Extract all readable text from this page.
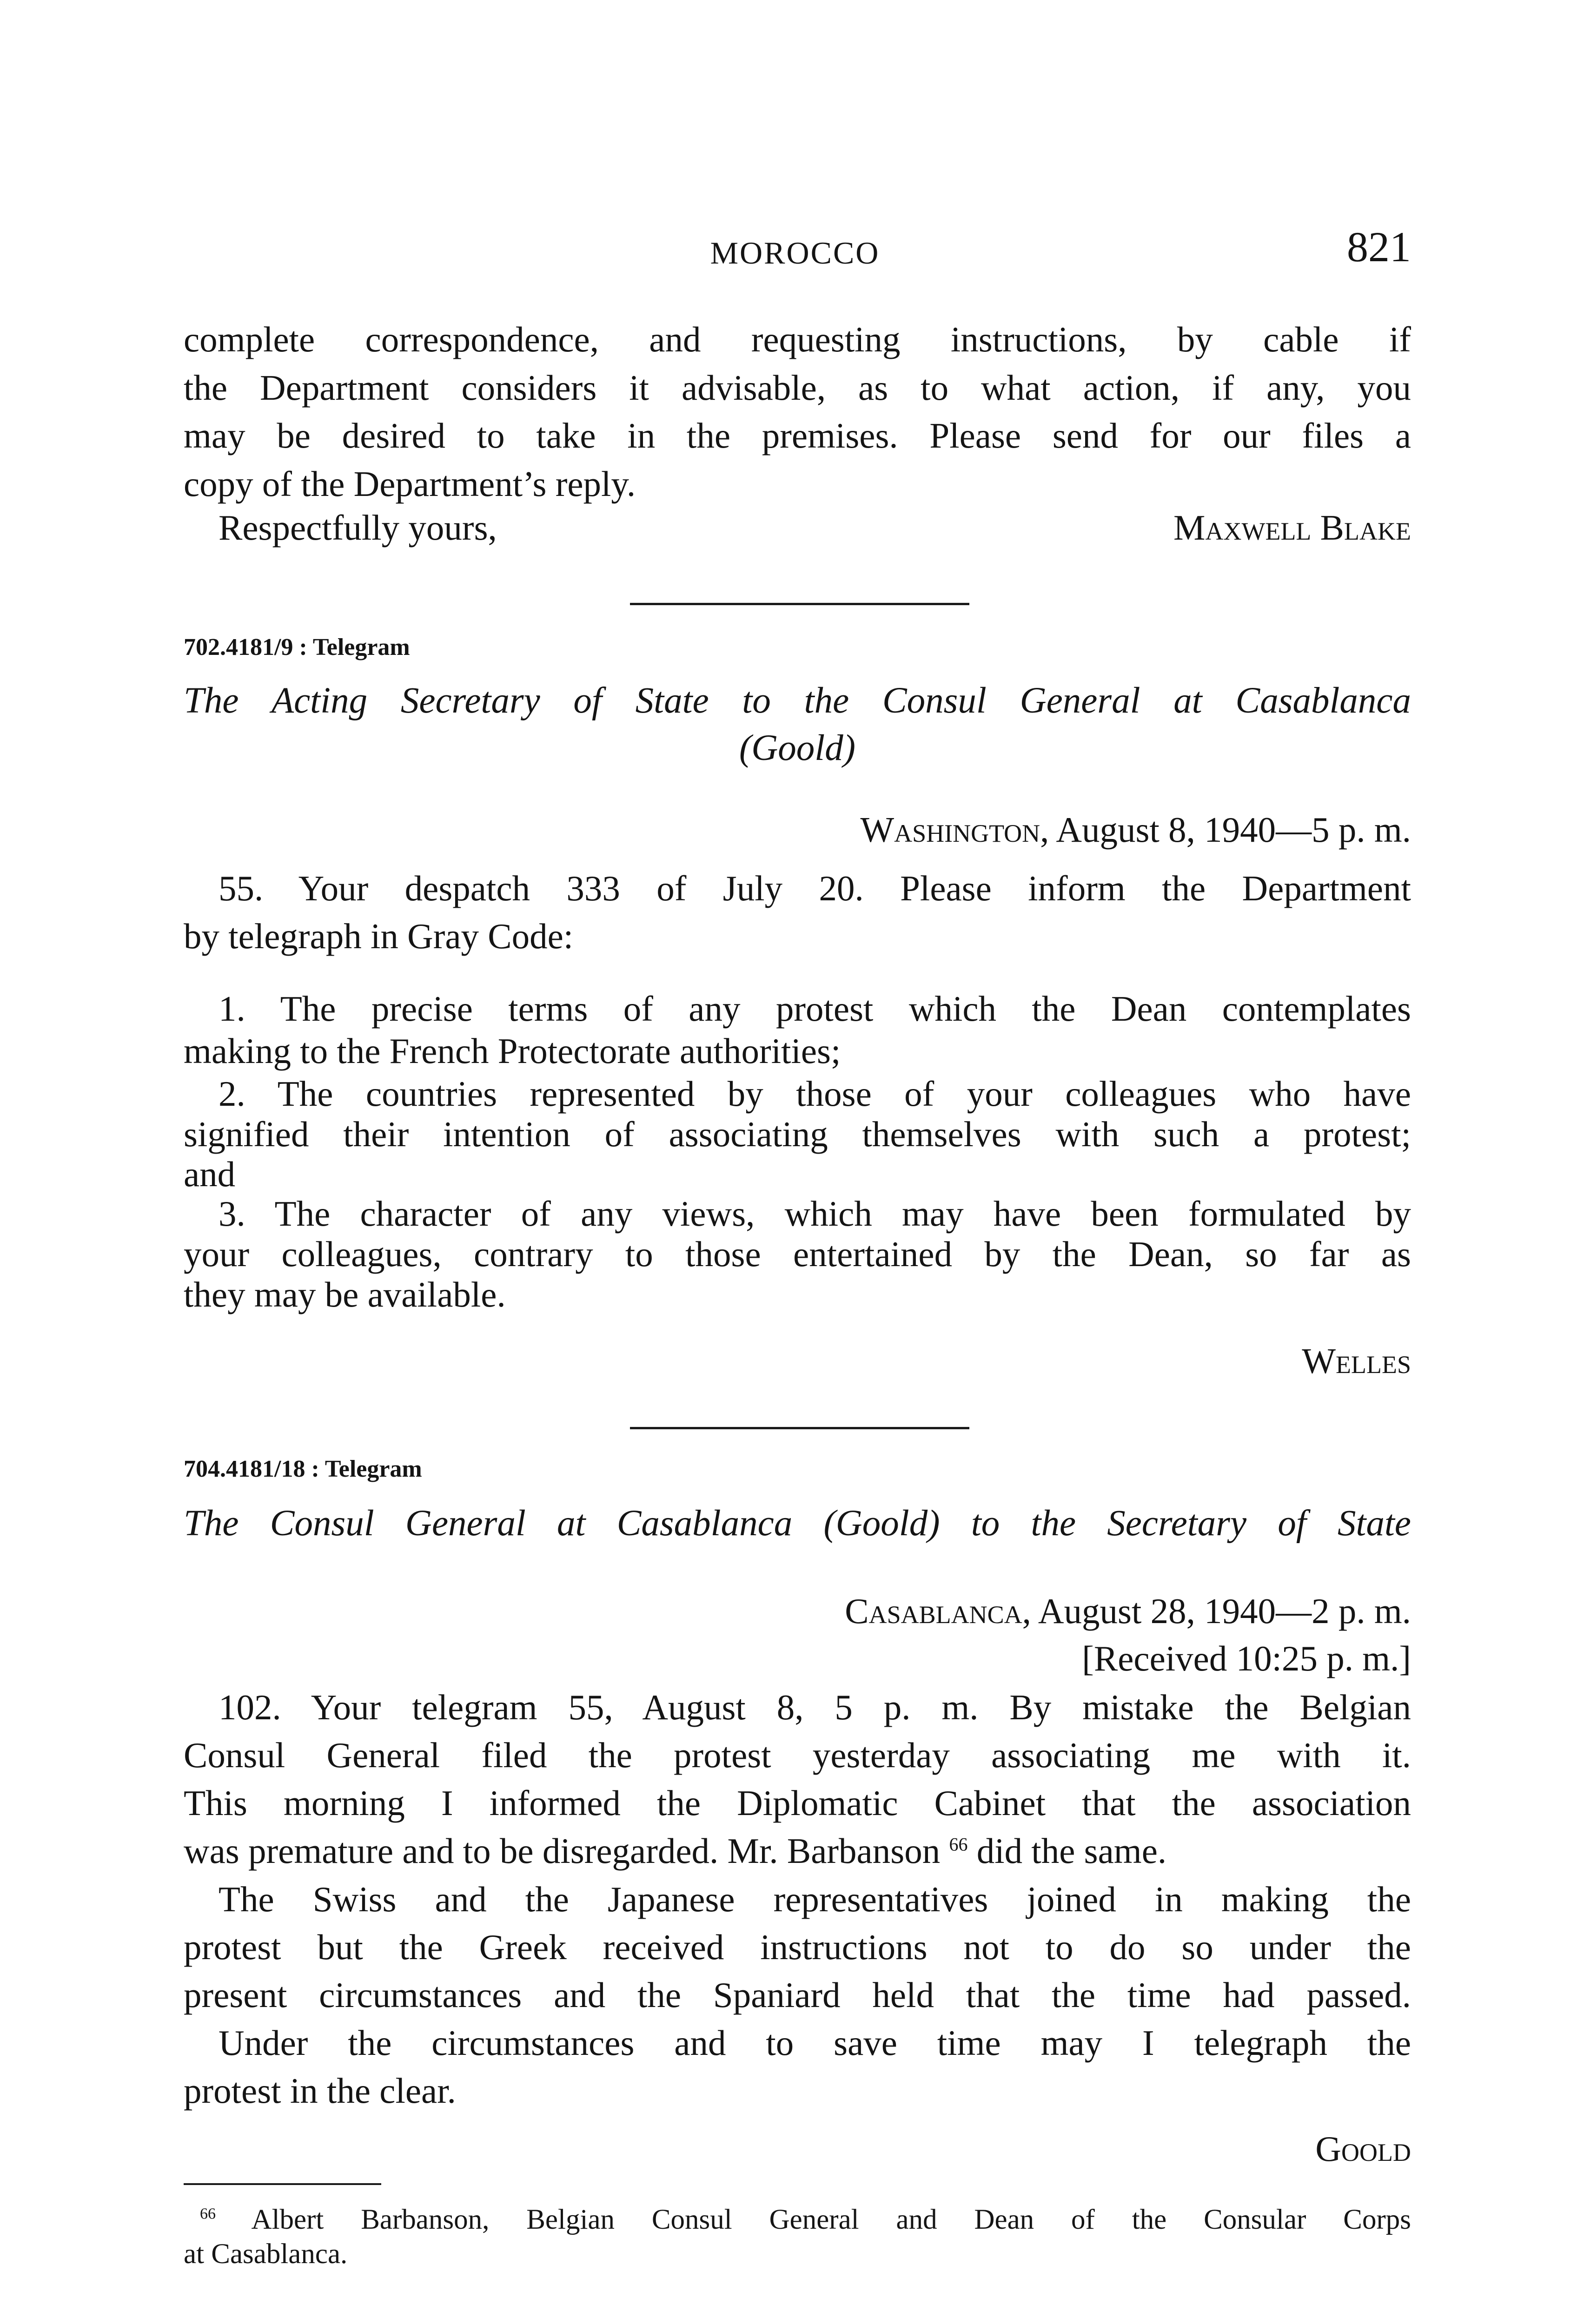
MOROCCO	821
complete correspondence, and requesting instructions, by cable if
the Department considers it advisable, as to what action, if any, you
may be desired to take in the premises. Please send for our files a
copy of the Department’s reply.
Respectfully yours,	Maxwell Blake
702.4181/9 : Telegram
The Acting Secretary of State to the Consul General at Casablanca
(Goold)
Washington, August 8, 1940—5 p. m.
55. Your despatch 333 of July 20. Please inform the Department
by telegraph in Gray Code:
1. The precise terms of any protest which the Dean contemplates
making to the French Protectorate authorities;
2. The countries represented by those of your colleagues who have
signified their intention of associating themselves with such a protest;
and
3. The character of any views, which may have been formulated by
your colleagues, contrary to those entertained by the Dean, so far as
they may be available.
Welles
704.4181/18 : Telegram
The Consul General at Casablanca (Goold) to the Secretary of State
Casablanca, August 28, 1940—2 p. m.
[Received 10:25 p. m.]
102. Your telegram 55, August 8, 5 p. m. By mistake the Belgian
Consul General filed the protest yesterday associating me with it.
This morning I informed the Diplomatic Cabinet that the association
was premature and to be disregarded. Mr. Barbanson $^{66}$ did the same.
The Swiss and the Japanese representatives joined in making the
protest but the Greek received instructions not to do so under the
present circumstances and the Spaniard held that the time had passed.
Under the circumstances and to save time may I telegraph the
protest in the clear.
Goold
$^{66}$ Albert Barbanson, Belgian Consul General and Dean of the Consular Corps
at Casablanca.
